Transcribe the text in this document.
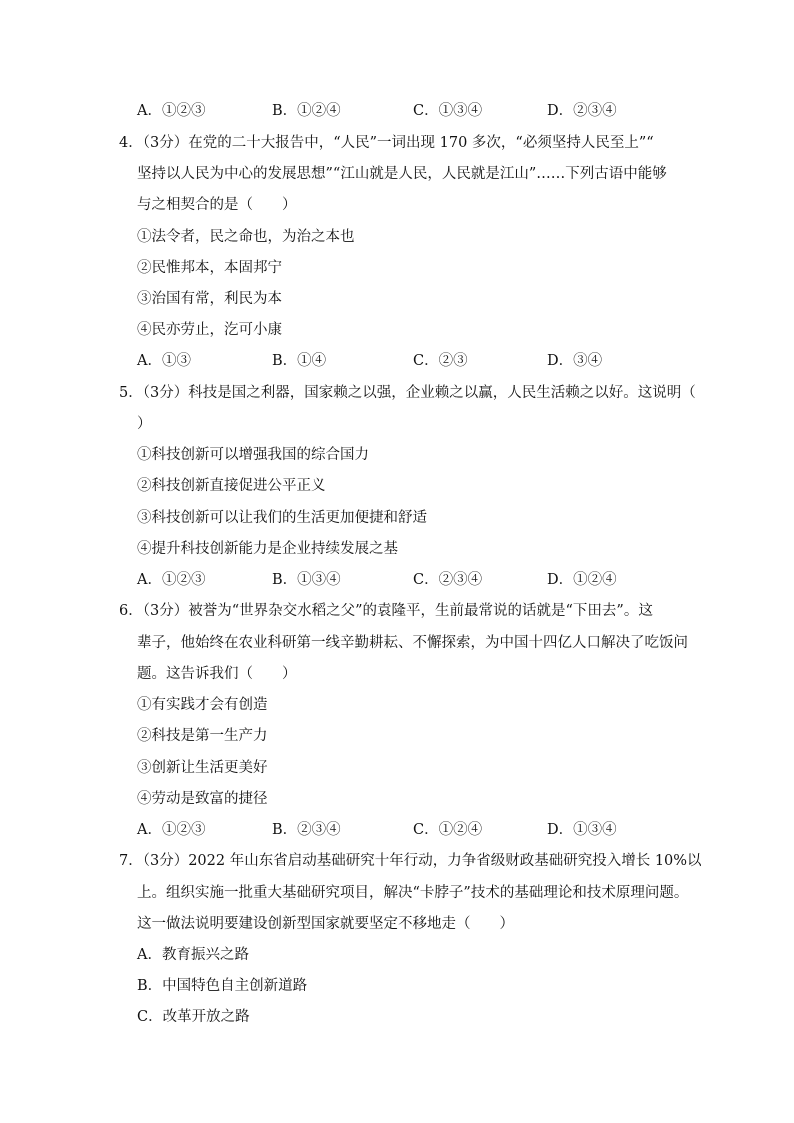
A．①②③	B．①②④	C．①③④	D．②③④
4．（3分）在党的二十大报告中，“人民”一词出现 170 多次，“必须坚持人民至上”“
坚持以人民为中心的发展思想”“江山就是人民，人民就是江山”……下列古语中能够
与之相契合的是（　　）
①法令者，民之命也，为治之本也
②民惟邦本，本固邦宁
③治国有常，利民为本
④民亦劳止，汔可小康
A．①③	B．①④	C．②③	D．③④
5．（3分）科技是国之利器，国家赖之以强，企业赖之以赢，人民生活赖之以好。这说明（
）
①科技创新可以增强我国的综合国力
②科技创新直接促进公平正义
③科技创新可以让我们的生活更加便捷和舒适
④提升科技创新能力是企业持续发展之基
A．①②③	B．①③④	C．②③④	D．①②④
6．（3分）被誉为“世界杂交水稻之父”的袁隆平，生前最常说的话就是“下田去”。这
辈子，他始终在农业科研第一线辛勤耕耘、不懈探索，为中国十四亿人口解决了吃饭问
题。这告诉我们（　　）
①有实践才会有创造
②科技是第一生产力
③创新让生活更美好
④劳动是致富的捷径
A．①②③	B．②③④	C．①②④	D．①③④
7．（3分）2022 年山东省启动基础研究十年行动，力争省级财政基础研究投入增长 10%以
上。组织实施一批重大基础研究项目，解决“卡脖子”技术的基础理论和技术原理问题。
这一做法说明要建设创新型国家就要坚定不移地走（　　）
A．教育振兴之路
B．中国特色自主创新道路
C．改革开放之路
